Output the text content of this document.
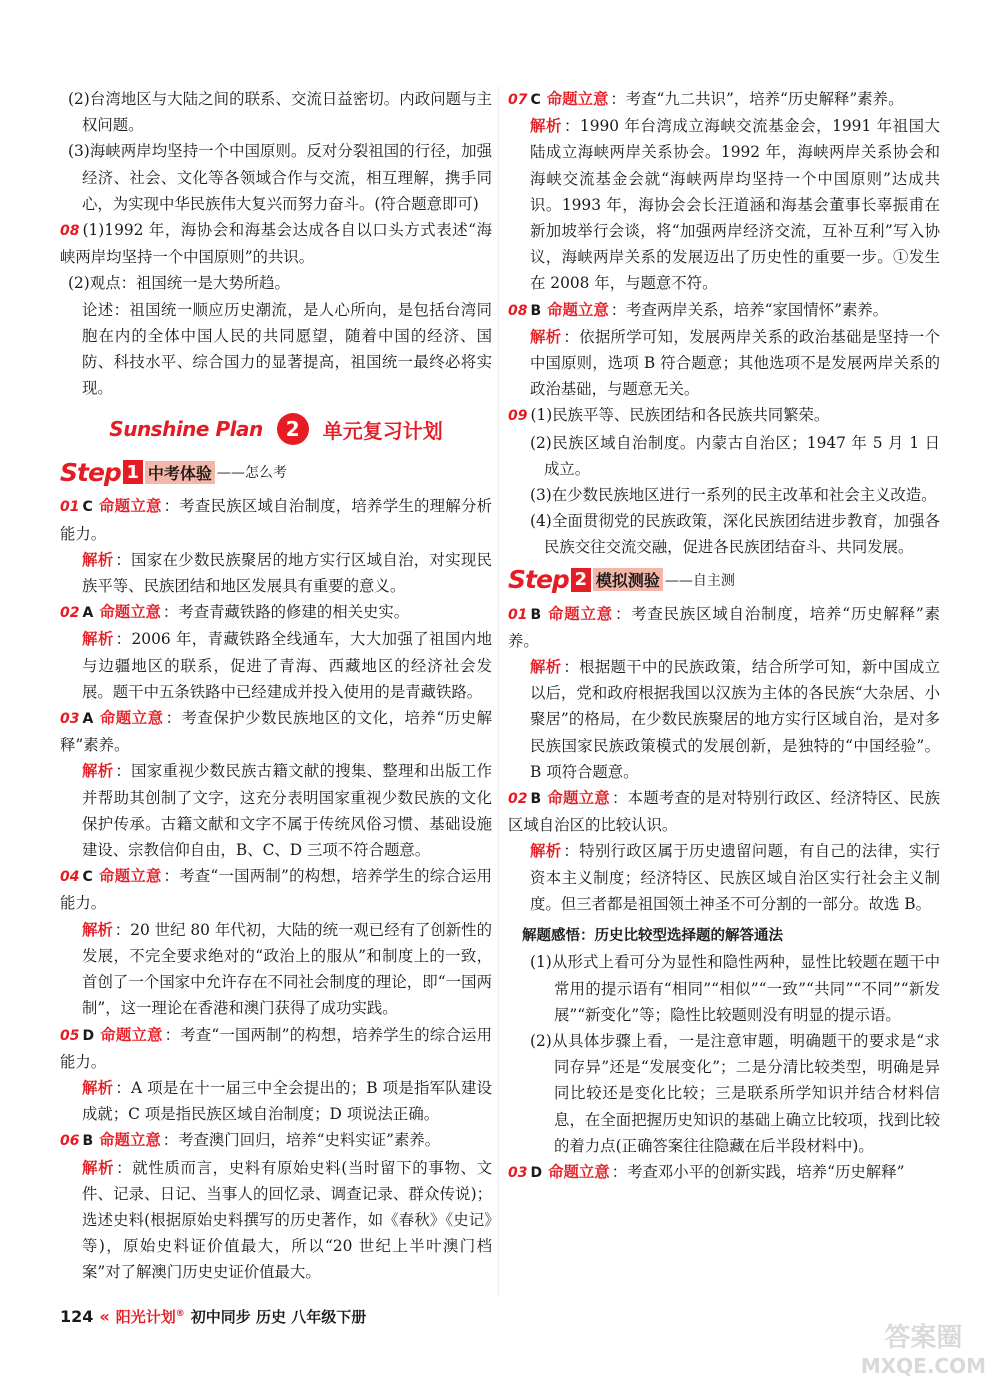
(2)台湾地区与大陆之间的联系、交流日益密切。内政问题与主权问题。

(3)海峡两岸均坚持一个中国原则。反对分裂祖国的行径，加强经济、社会、文化等各领域合作与交流，相互理解，携手同心，为实现中华民族伟大复兴而努力奋斗。(符合题意即可)

08 (1)1992 年，海协会和海基会达成各自以口头方式表述“海峡两岸均坚持一个中国原则”的共识。

(2)观点：祖国统一是大势所趋。

论述：祖国统一顺应历史潮流，是人心所向，是包括台湾同胞在内的全体中国人民的共同愿望，随着中国的经济、国防、科技水平、综合国力的显著提高，祖国统一最终必将实现。

Sunshine Plan	2	单元复习计划
Step 1 中考体验 ——怎么考

01 C 命题立意 ：考查民族区域自治制度，培养学生的理解分析能力。

解析 ：国家在少数民族聚居的地方实行区域自治，对实现民族平等、民族团结和地区发展具有重要的意义。

02 A 命题立意 ：考查青藏铁路的修建的相关史实。

解析 ：2006 年，青藏铁路全线通车，大大加强了祖国内地与边疆地区的联系，促进了青海、西藏地区的经济社会发展。题干中五条铁路中已经建成并投入使用的是青藏铁路。

03 A 命题立意 ：考查保护少数民族地区的文化，培养“历史解释”素养。

解析 ：国家重视少数民族古籍文献的搜集、整理和出版工作并帮助其创制了文字，这充分表明国家重视少数民族的文化保护传承。古籍文献和文字不属于传统风俗习惯、基础设施建设、宗教信仰自由，B、C、D 三项不符合题意。

04 C 命题立意 ：考查“一国两制”的构想，培养学生的综合运用能力。

解析 ：20 世纪 80 年代初，大陆的统一观已经有了创新性的发展，不完全要求绝对的“政治上的服从”和制度上的一致，首创了一个国家中允许存在不同社会制度的理论，即“一国两制”，这一理论在香港和澳门获得了成功实践。

05 D 命题立意 ：考查“一国两制”的构想，培养学生的综合运用能力。

解析 ：A 项是在十一届三中全会提出的；B 项是指军队建设成就；C 项是指民族区域自治制度；D 项说法正确。

06 B 命题立意 ：考查澳门回归，培养“史料实证”素养。

解析 ：就性质而言，史料有原始史料(当时留下的事物、文件、记录、日记、当事人的回忆录、调查记录、群众传说)；选述史料(根据原始史料撰写的历史著作，如《春秋》《史记》等)，原始史料证价值最大，所以“20 世纪上半叶澳门档案”对了解澳门历史史证价值最大。

07 C 命题立意 ：考查“九二共识”，培养“历史解释”素养。

解析 ：1990 年台湾成立海峡交流基金会，1991 年祖国大陆成立海峡两岸关系协会。1992 年，海峡两岸关系协会和海峡交流基金会就“海峡两岸均坚持一个中国原则”达成共识。1993 年，海协会会长汪道涵和海基会董事长辜振甫在新加坡举行会谈，将“加强两岸经济交流，互补互利”写入协议，海峡两岸关系的发展迈出了历史性的重要一步。①发生在 2008 年，与题意不符。

08 B 命题立意 ：考查两岸关系，培养“家国情怀”素养。

解析 ：依据所学可知，发展两岸关系的政治基础是坚持一个中国原则，选项 B 符合题意；其他选项不是发展两岸关系的政治基础，与题意无关。

09 (1)民族平等、民族团结和各民族共同繁荣。

(2)民族区域自治制度。内蒙古自治区；1947 年 5 月 1 日成立。

(3)在少数民族地区进行一系列的民主改革和社会主义改造。

(4)全面贯彻党的民族政策，深化民族团结进步教育，加强各民族交往交流交融，促进各民族团结奋斗、共同发展。

Step 2 模拟测验 ——自主测

01 B 命题立意 ：考查民族区域自治制度，培养“历史解释”素养。

解析 ：根据题干中的民族政策，结合所学可知，新中国成立以后，党和政府根据我国以汉族为主体的各民族“大杂居、小聚居”的格局，在少数民族聚居的地方实行区域自治，是对多民族国家民族政策模式的发展创新，是独特的“中国经验”。B 项符合题意。

02 B 命题立意 ：本题考查的是对特别行政区、经济特区、民族区域自治区的比较认识。

解析 ：特别行政区属于历史遗留问题，有自己的法律，实行资本主义制度；经济特区、民族区域自治区实行社会主义制度。但三者都是祖国领土神圣不可分割的一部分。故选 B。

解题感悟：历史比较型选择题的解答通法

(1)从形式上看可分为显性和隐性两种，显性比较题在题干中常用的提示语有“相同”“相似”“一致”“共同”“不同”“新发展”“新变化”等；隐性比较题则没有明显的提示语。

(2)从具体步骤上看，一是注意审题，明确题干的要求是“求同存异”还是“发展变化”；二是分清比较类型，明确是异同比较还是变化比较；三是联系所学知识并结合材料信息，在全面把握历史知识的基础上确立比较项，找到比较的着力点(正确答案往往隐藏在后半段材料中)。

03 D 命题立意 ：考查邓小平的创新实践，培养“历史解释”

124 « 阳光计划® 初中同步 历史 八年级下册
答案圈
MXQE.COM
